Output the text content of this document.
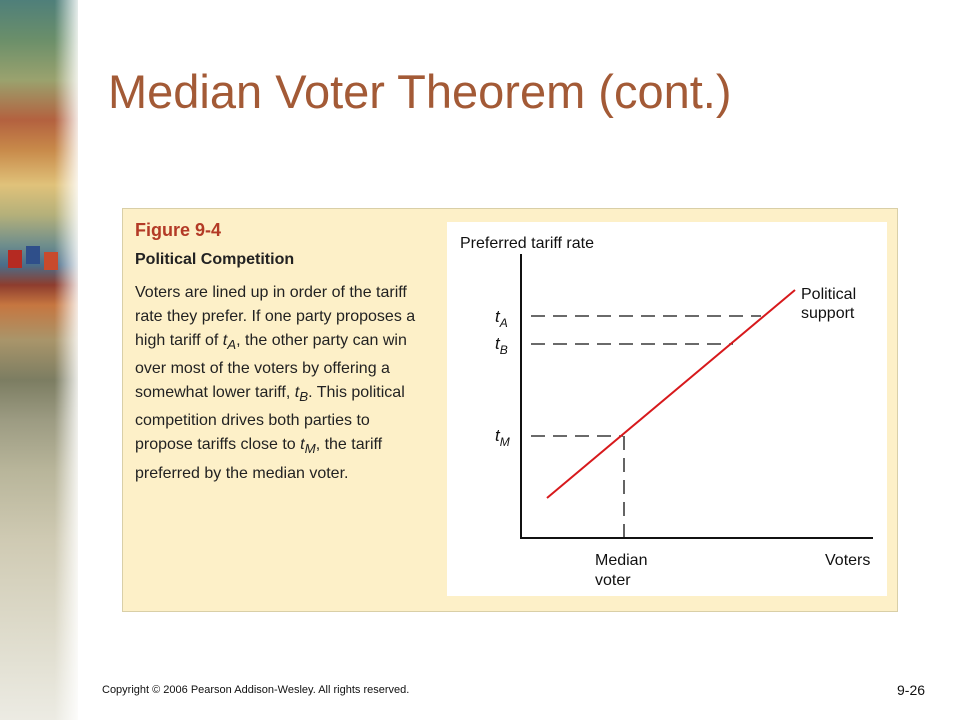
Median Voter Theorem (cont.)
Figure 9-4
Political Competition
Voters are lined up in order of the tariff rate they prefer. If one party proposes a high tariff of $t_A$, the other party can win over most of the voters by offering a somewhat lower tariff, $t_B$. This political competition drives both parties to propose tariffs close to $t_M$, the tariff preferred by the median voter.
Preferred tariff rate
Voters
Political support
Median voter
$t_A$
$t_B$
$t_M$
Copyright © 2006 Pearson Addison-Wesley. All rights reserved.	9-26
